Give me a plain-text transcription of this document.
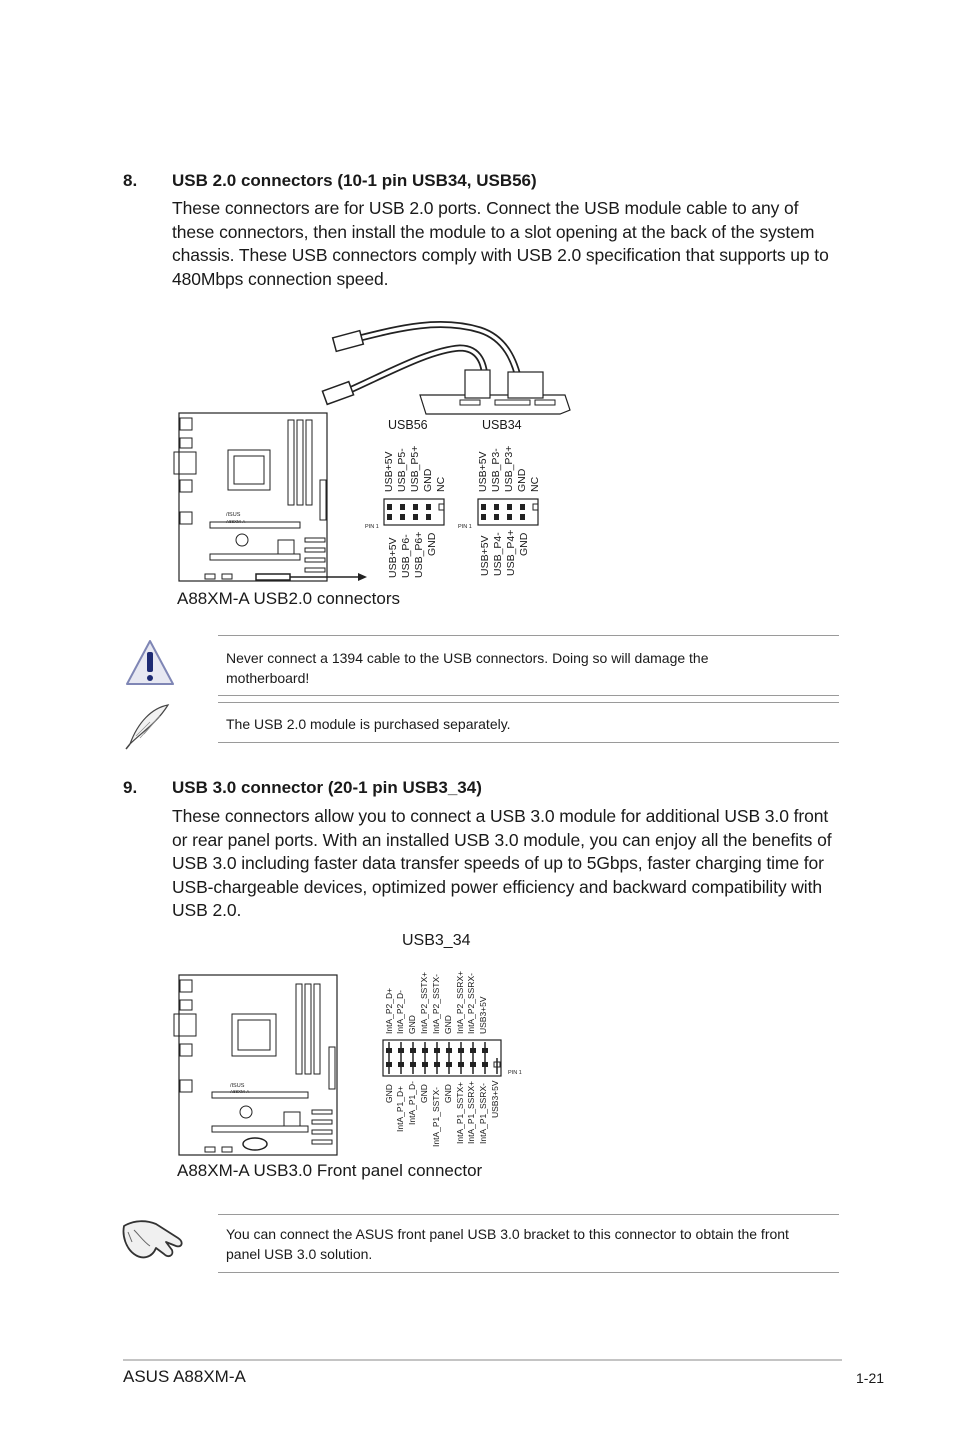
8. USB 2.0 connectors (10-1 pin USB34, USB56)
These connectors are for USB 2.0 ports. Connect the USB module cable to any of
these connectors, then install the module to a slot opening at the back of the system
chassis. These USB connectors comply with USB 2.0 specification that supports up to
480Mbps connection speed.
/ISUS
A88XM-A
USB56	USB34
USB+5V USB_P5- USB_P5+ GND NC
PIN 1
USB+5V USB_P6- USB_P6+ GND
USB+5V USB_P3- USB_P3+ GND NC
PIN 1
USB+5V USB_P4- USB_P4+ GND
A88XM-A USB2.0 connectors
Never connect a 1394 cable to the USB connectors. Doing so will damage the
motherboard!
The USB 2.0 module is purchased separately.
9. USB 3.0 connector (20-1 pin USB3_34)
These connectors allow you to connect a USB 3.0 module for additional USB 3.0 front
or rear panel ports. With an installed USB 3.0 module, you can enjoy all the benefits of
USB 3.0 including faster data transfer speeds of up to 5Gbps, faster charging time for
USB-chargeable devices, optimized power efficiency and backward compatibility with
USB 2.0.
USB3_34
/ISUS
A88XM-A
IntA_P2_D+ IntA_P2_D- GND IntA_P2_SSTX+ IntA_P2_SSTX- GND IntA_P2_SSRX+ IntA_P2_SSRX- USB3+5V
PIN 1
GND IntA_P1_D+ IntA_P1_D- GND IntA_P1_SSTX- GND IntA_P1_SSTX+ IntA_P1_SSRX+ IntA_P1_SSRX- USB3+5V
A88XM-A USB3.0 Front panel connector
You can connect the ASUS front panel USB 3.0 bracket to this connector to obtain the front
panel USB 3.0 solution.
ASUS A88XM-A	1-21
